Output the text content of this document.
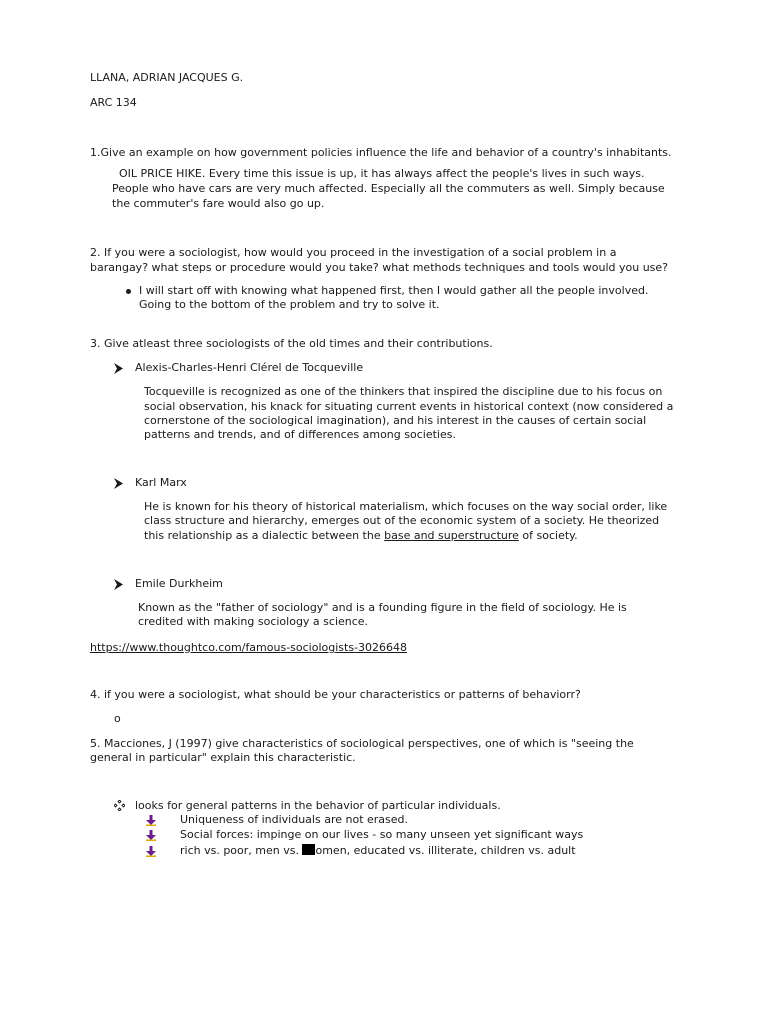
LLANA, ADRIAN JACQUES G.
ARC 134
1.Give an example on how government policies influence the life and behavior of a country's inhabitants.
OIL PRICE HIKE. Every time this issue is up, it has always affect the people's lives in such ways.
People who have cars are very much affected. Especially all the commuters as well. Simply because
the commuter's fare would also go up.
2. If you were a sociologist, how would you proceed in the investigation of a social problem in a
barangay? what steps or procedure would you take? what methods techniques and tools would you use?
I will start off with knowing what happened first, then I would gather all the people involved.
Going to the bottom of the problem and try to solve it.
3. Give atleast three sociologists of the old times and their contributions.
Alexis-Charles-Henri Clérel de Tocqueville
Tocqueville is recognized as one of the thinkers that inspired the discipline due to his focus on
social observation, his knack for situating current events in historical context (now considered a
cornerstone of the sociological imagination), and his interest in the causes of certain social
patterns and trends, and of differences among societies.
Karl Marx
He is known for his theory of historical materialism, which focuses on the way social order, like
class structure and hierarchy, emerges out of the economic system of a society. He theorized
this relationship as a dialectic between the base and superstructure of society.
Emile Durkheim
Known as the "father of sociology" and is a founding figure in the field of sociology. He is
credited with making sociology a science.
https://www.thoughtco.com/famous-sociologists-3026648
4. if you were a sociologist, what should be your characteristics or patterns of behaviorr?
o
5. Macciones, J (1997) give characteristics of sociological perspectives, one of which is "seeing the
general in particular" explain this characteristic.
looks for general patterns in the behavior of particular individuals.
Uniqueness of individuals are not erased.
Social forces: impinge on our lives - so many unseen yet significant ways
rich vs. poor, men vs. omen, educated vs. illiterate, children vs. adult
